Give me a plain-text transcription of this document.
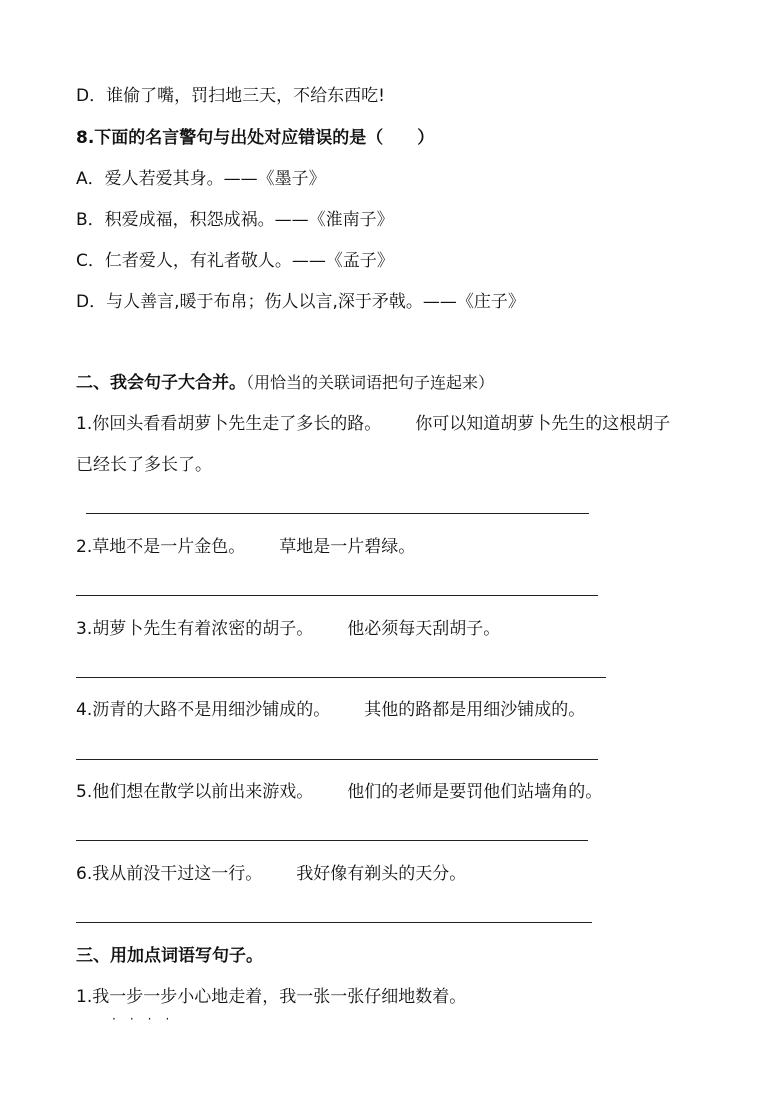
D．谁偷了嘴，罚扫地三天，不给东西吃!
8.下面的名言警句与出处对应错误的是（　　）
A．爱人若爱其身。——《墨子》
B．积爱成福，积怨成祸。——《淮南子》
C．仁者爱人，有礼者敬人。——《孟子》
D．与人善言,暖于布帛；伤人以言,深于矛戟。——《庄子》
二、我会句子大合并。（用恰当的关联词语把句子连起来）
1.你回头看看胡萝卜先生走了多长的路。 你可以知道胡萝卜先生的这根胡子
已经长了多长了。
2.草地不是一片金色。 草地是一片碧绿。
3.胡萝卜先生有着浓密的胡子。 他必须每天刮胡子。
4.沥青的大路不是用细沙铺成的。 其他的路都是用细沙铺成的。
5.他们想在散学以前出来游戏。 他们的老师是要罚他们站墙角的。
6.我从前没干过这一行。 我好像有剃头的天分。
三、用加点词语写句子。
1.我一步一步小心地走着，我一张一张仔细地数着。
····
